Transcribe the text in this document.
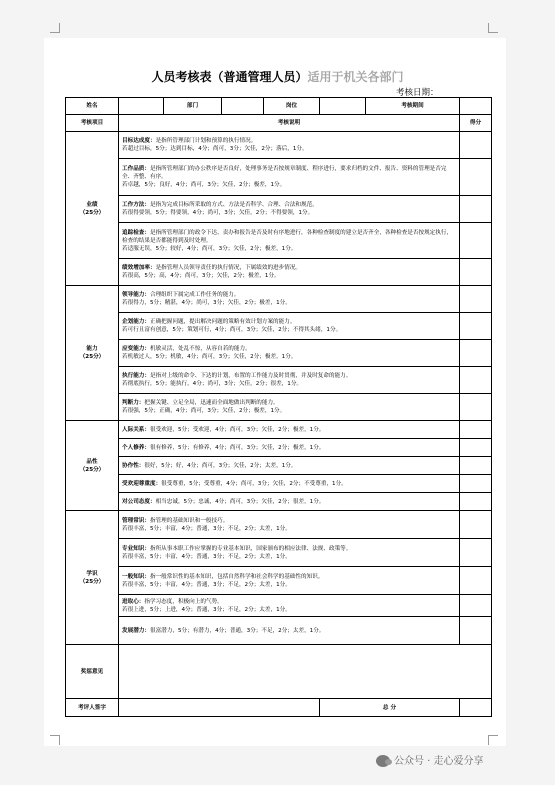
人员考核表（普通管理人员）适用于机关各部门
考核日期：
姓名		部门		岗位		考核期间	
考核项目	考核说明						得分

业绩
（25分）	目标达成度：是指所管理部门计划和预算的执行情况。
若超过目标，5分；达到目标，4分；尚可，3分；欠佳，2分；落后，1分。						
	工作品质：是指所管理部门的办公秩序是否良好，处理事务是否按规章制度、程序进行，要求归档的文件、报告、资料的管理是否完全、齐整、有序。
若卓越，5分；良好，4分；尚可，3分；欠佳，2分；极差，1分。						
	工作方法：是指为完成目标所采取的方式、方法是否科学、合理、合法和规范。
若很得要领，5分；得要领，4分；尚可，3分；欠佳，2分；不得要领，1分。						
	追踪检查：是指所管理部门的政令下达、责办和报告是否及时有序地进行，各种检查制度的建立是否齐全，各种检查是否按规定执行，检查的结果是否都能得到及时处理。
若适服无误，5分；较好，4分；尚可，3分；欠佳，2分；极差，1分。						
	绩效增加率：是指管理人员领导责任的执行情况，下属绩效的进步情况。
若很高，5分；高，4分；尚可，3分；欠佳，2分；极差，1分。						

能力
（25分）	领导能力：合理组织下属完成工作任务的能力。
若很得力，5分；精湛，4分；尚可，3分；欠佳，2分；极差，1分。						
	企划能力：正确把握问题，提出解决问题的策略有效计划方案的能力。
若可行且富有创意，5分；策划可行，4分；尚可，3分；欠佳，2分；不得其头绪，1分。						
	应变能力：机敏灵活，处乱不惊，从容自若的能力。
若机敏过人，5分；机敏，4分；尚可，3分；欠佳，2分；极差，1分。						
	执行能力：是指对上级的命令、下达的计划，布置的工作能力及时贯彻，并及时复命的能力。
若彻底执行，5分；能执行，4分；尚可，3分；欠佳，2分；很差，1分。						
	判断力：把握关键、立足全局，迅速而全面地做出判断的能力。
若很强，5分；正确，4分；尚可，3分；欠佳，2分；极差，1分。						

品性
（25分）	人际关系：很受欢迎，5分；受欢迎，4分；尚可，3分；欠佳，2分；极差，1分。						
	个人修养：很有修养，5分；有修养，4分；尚可，3分；欠佳，2分；极差，1分。						
	协作性：很好，5分；好，4分；尚可，3分；欠佳，2分；太差，1分。						
	受欢迎尊重度：很受尊重，5分；受尊重，4分；尚可，3分；欠佳，2分；不受尊重，1分。						
	对公司态度：相当忠诚，5分；忠诚，4分；尚可，3分；欠佳，2分；很差，1分。						

学识
（25分）	管理常识：指管理的基础知识和一般技巧。
若很丰富，5分；丰富，4分；普通，3分；不足，2分；太差，1分。						
	专业知识：指所从事本职工作应掌握的专业基本知识，国家颁布的相应法律、法规、政策等。
若很丰富，5分；丰富，4分；普通，3分；不足，2分；太差，1分。						
	一般知识：指一般常识性的基本知识，包括自然科学和社会科学的基础性的知识。
若很丰富，5分；丰富，4分；普通，3分；不足，2分；太差，1分。						
	进取心：指学习态度，积极向上的气势。
若很上进，5分；上进，4分；普通，3分；不足，2分；太差，1分。						
	发展潜力：很富潜力，5分；有潜力，4分；普通，3分；不足，2分；太差，1分。						
奖惩意见							
考评人签字					总 分		
公众号 · 走心爱分享
